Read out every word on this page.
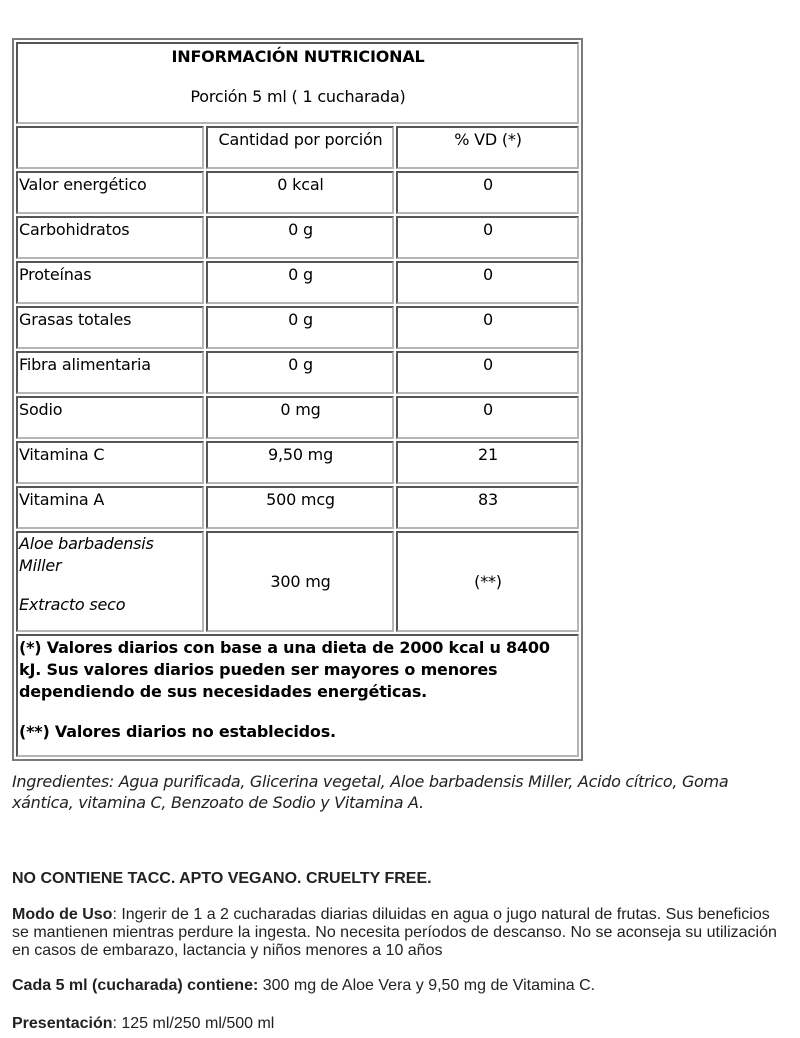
INFORMACIÓN NUTRICIONAL
Porción 5 ml ( 1 cucharada)		

	Cantidad por porción	% VD (*)
Valor energético	0 kcal	0
Carbohidratos	0 g	0
Proteínas	0 g	0
Grasas totales	0 g	0
Fibra alimentaria	0 g	0
Sodio	0 mg	0
Vitamina C	9,50 mg	21
Vitamina A	500 mcg	83

Aloe barbadensis Miller
Extracto seco	300 mg	(**)

(*) Valores diarios con base a una dieta de 2000 kcal u 8400 kJ. Sus valores diarios pueden ser mayores o menores dependiendo de sus necesidades energéticas.
(**) Valores diarios no establecidos.		
Ingredientes: Agua purificada, Glicerina vegetal, Aloe barbadensis Miller, Acido cítrico, Goma xántica, vitamina C, Benzoato de Sodio y Vitamina A.

NO CONTIENE TACC. APTO VEGANO. CRUELTY FREE.

Modo de Uso: Ingerir de 1 a 2 cucharadas diarias diluidas en agua o jugo natural de frutas. Sus beneficios se mantienen mientras perdure la ingesta. No necesita períodos de descanso. No se aconseja su utilización en casos de embarazo, lactancia y niños menores a 10 años

Cada 5 ml (cucharada) contiene: 300 mg de Aloe Vera y 9,50 mg de Vitamina C.

Presentación: 125 ml/250 ml/500 ml
